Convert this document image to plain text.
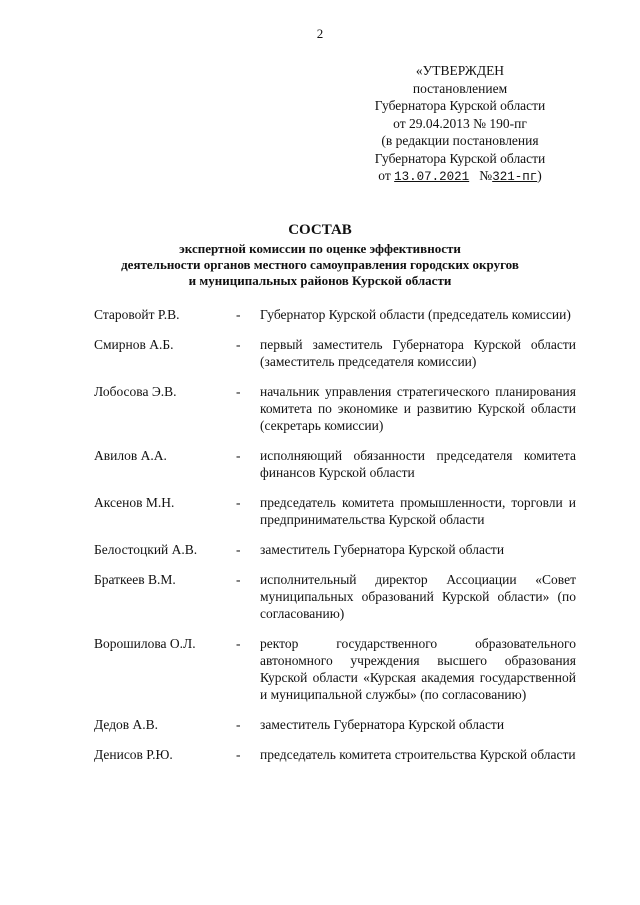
2
«УТВЕРЖДЕН
постановлением
Губернатора Курской области
от 29.04.2013 № 190-пг
(в редакции постановления
Губернатора Курской области
от 13.07.2021 №321-пг)
СОСТАВ
экспертной комиссии по оценке эффективности
деятельности органов местного самоуправления городских округов
и муниципальных районов Курской области
Старовойт Р.В.	-	Губернатор Курской области (председатель комиссии)
Смирнов А.Б.	-	первый заместитель Губернатора Курской области (заместитель председателя комиссии)
Лобосова Э.В.	-	начальник управления стратегического планирования комитета по экономике и развитию Курской области (секретарь комиссии)
Авилов А.А.	-	исполняющий обязанности председателя комитета финансов Курской области
Аксенов М.Н.	-	председатель комитета промышленности, торговли и предпринимательства Курской области
Белостоцкий А.В.	-	заместитель Губернатора Курской области
Браткеев В.М.	-	исполнительный директор Ассоциации «Совет муниципальных образований Курской области» (по согласованию)
Ворошилова О.Л.	-	ректор государственного образовательного автономного учреждения высшего образования Курской области «Курская академия государственной и муниципальной службы» (по согласованию)
Дедов А.В.	-	заместитель Губернатора Курской области
Денисов Р.Ю.	-	председатель комитета строительства Курской области
